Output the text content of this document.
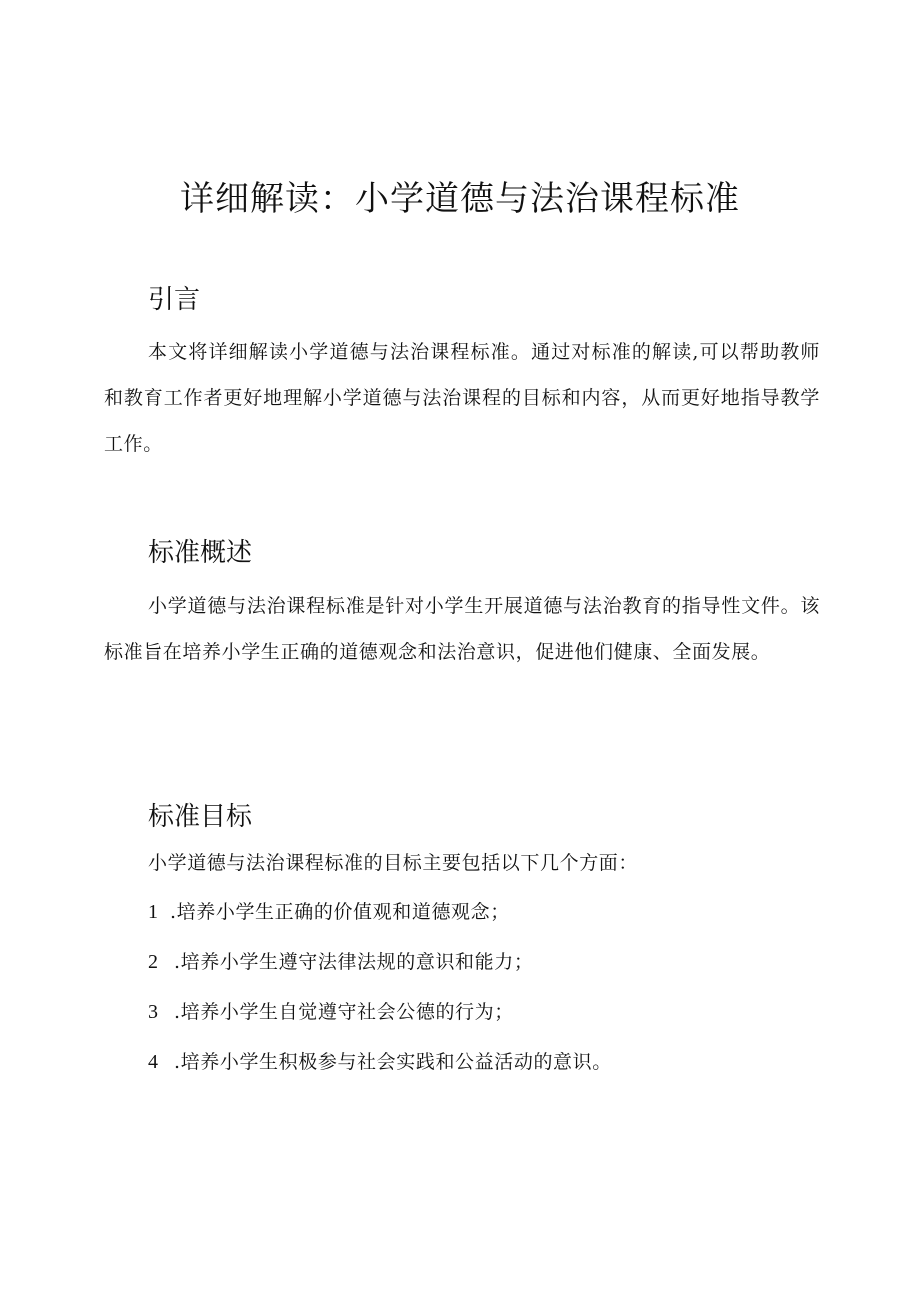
详细解读：小学道德与法治课程标准
引言
本文将详细解读小学道德与法治课程标准。通过对标准的解读,可以帮助教师和教育工作者更好地理解小学道德与法治课程的目标和内容，从而更好地指导教学工作。
标准概述
小学道德与法治课程标准是针对小学生开展道德与法治教育的指导性文件。该标准旨在培养小学生正确的道德观念和法治意识，促进他们健康、全面发展。
标准目标
小学道德与法治课程标准的目标主要包括以下几个方面：
1 .培养小学生正确的价值观和道德观念；
2 .培养小学生遵守法律法规的意识和能力；
3 .培养小学生自觉遵守社会公德的行为；
4 .培养小学生积极参与社会实践和公益活动的意识。
